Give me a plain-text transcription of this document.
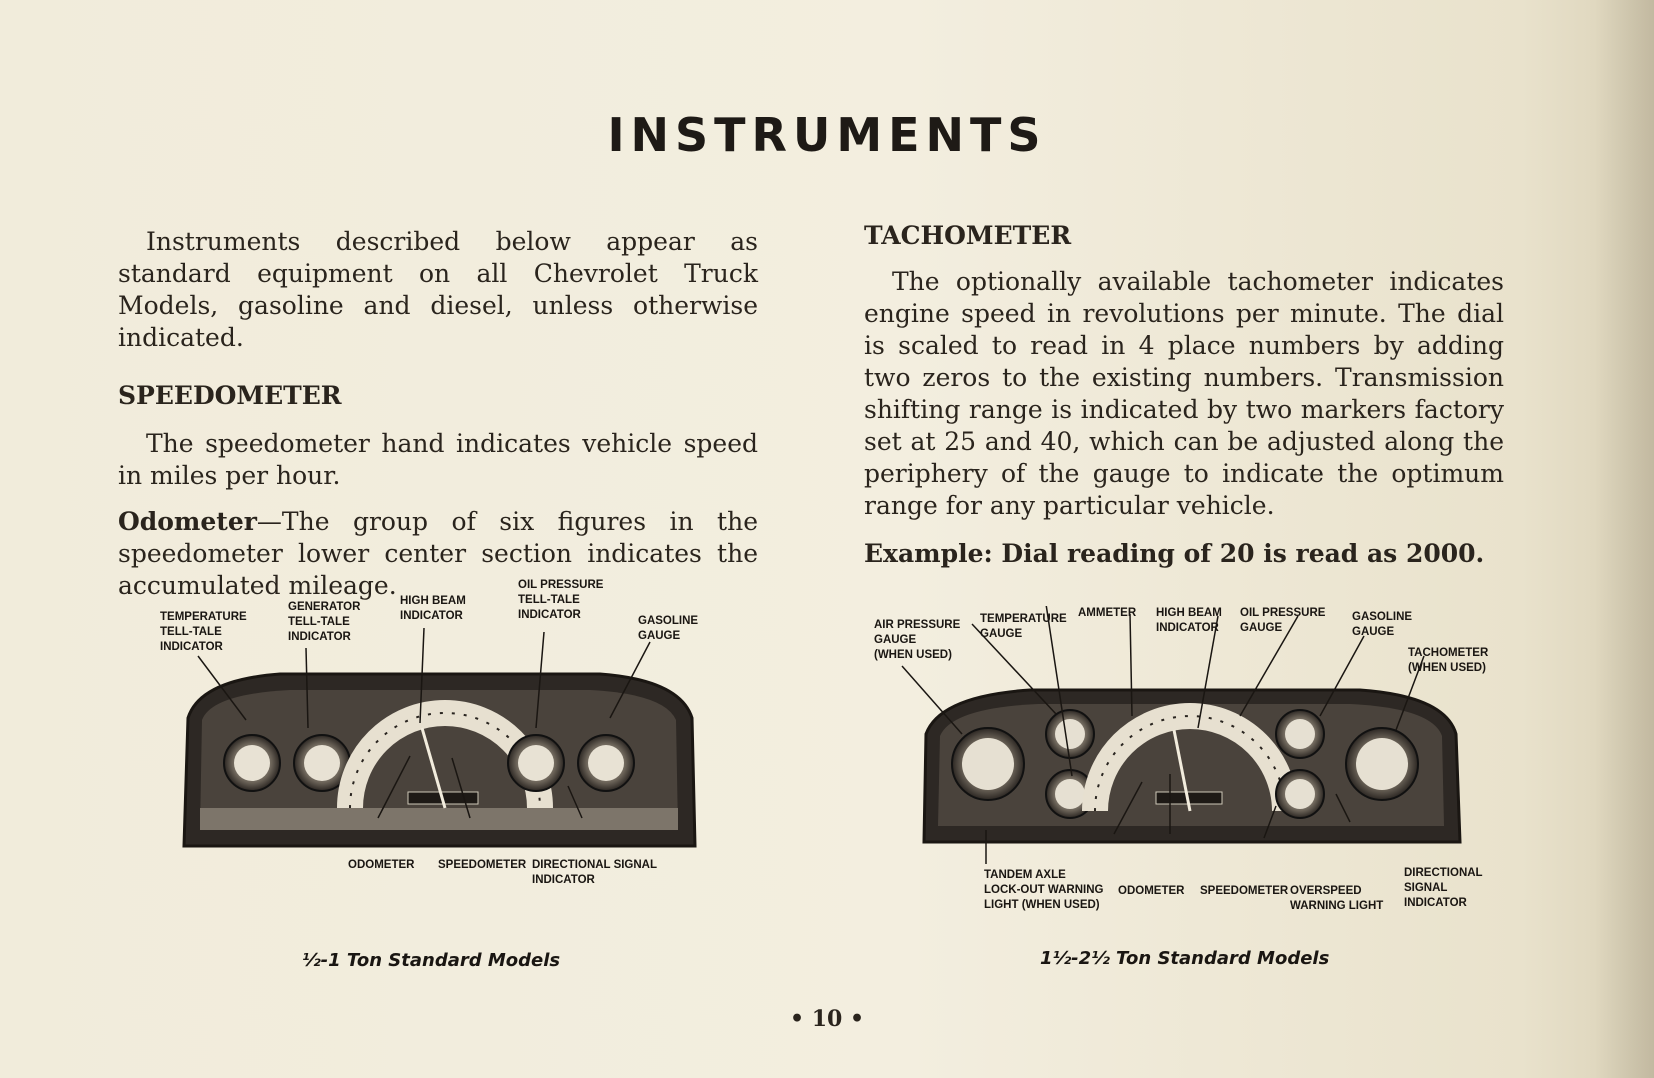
INSTRUMENTS

Instruments described below appear as standard equipment on all Chevrolet Truck Models, gasoline and diesel, unless otherwise indicated.

SPEEDOMETER

The speedometer hand indicates vehicle speed in miles per hour.

Odometer—The group of six figures in the speedometer lower center section indicates the accumulated mileage.

TACHOMETER

The optionally available tachometer indicates engine speed in revolutions per minute. The dial is scaled to read in 4 place numbers by adding two zeros to the existing numbers. Transmission shifting range is indicated by two markers factory set at 25 and 40, which can be adjusted along the periphery of the gauge to indicate the optimum range for any particular vehicle.

Example: Dial reading of 20 is read as 2000.

TEMPERATURE
TELL-TALE
INDICATOR
GENERATOR
TELL-TALE
INDICATOR
HIGH BEAM
INDICATOR
OIL PRESSURE
TELL-TALE
INDICATOR	GASOLINE
GAUGE
ODOMETER SPEEDOMETER DIRECTIONAL SIGNAL
INDICATOR
½-1 Ton Standard Models
AIR PRESSURE
GAUGE
(WHEN USED)
TEMPERATURE
GAUGE
AMMETER HIGH BEAM
INDICATOR
OIL PRESSURE
GAUGE
GASOLINE
GAUGE
TACHOMETER
(WHEN USED)
TANDEM AXLE
LOCK-OUT WARNING
LIGHT (WHEN USED)
ODOMETER SPEEDOMETER OVERSPEED
WARNING LIGHT
DIRECTIONAL
SIGNAL
INDICATOR
1½-2½ Ton Standard Models
• 10 •
